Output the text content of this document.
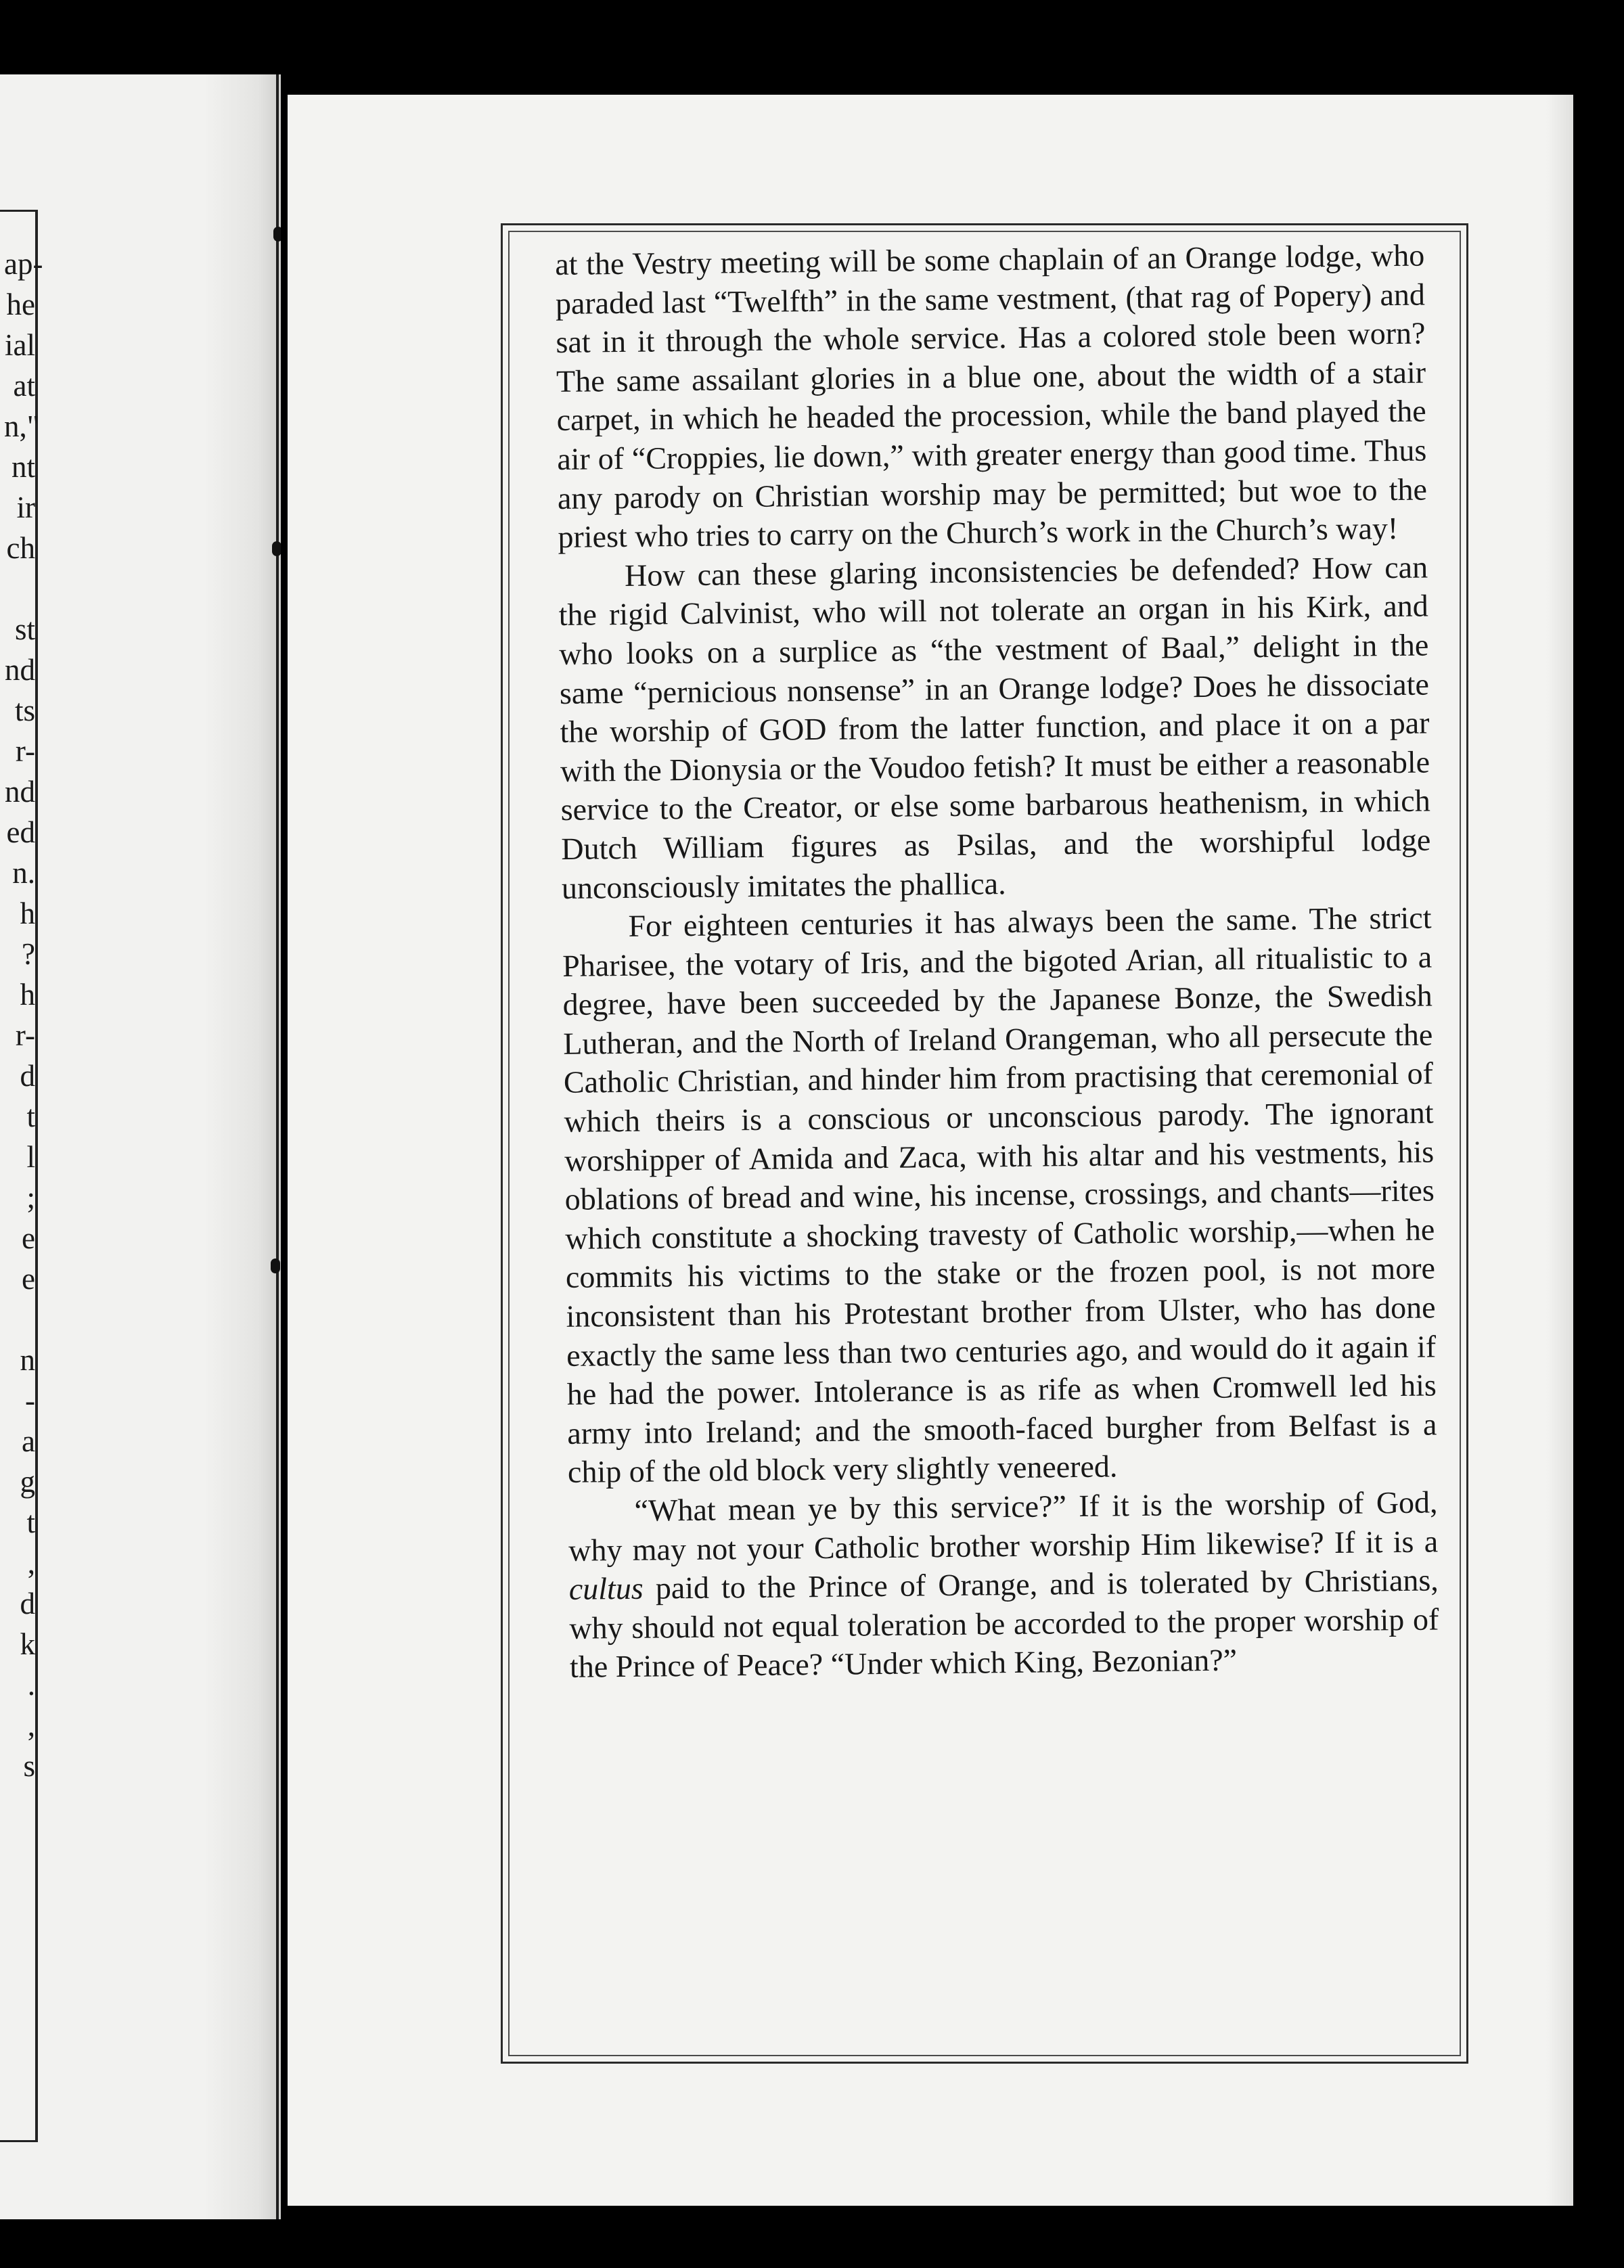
ap-
he
ial
at
n,"
nt
ir
ch
st
nd
ts
r-
nd
ed
n.
h
?
h
r-
d
t
l
;
e
e
n
-
a
g
t
,
d
k
.
,
s

at the Vestry meeting will be some chaplain of an Orange lodge, who paraded last “Twelfth” in the same vestment, (that rag of Popery) and sat in it through the whole service. Has a colored stole been worn? The same assailant glories in a blue one, about the width of a stair carpet, in which he headed the procession, while the band played the air of “Croppies, lie down,” with greater energy than good time. Thus any parody on Christian worship may be permitted; but woe to the priest who tries to carry on the Church’s work in the Church’s way!

How can these glaring inconsistencies be defended? How can the rigid Calvinist, who will not tolerate an organ in his Kirk, and who looks on a surplice as “the vestment of Baal,” delight in the same “pernicious nonsense” in an Orange lodge? Does he dissociate the worship of GOD from the latter function, and place it on a par with the Dionysia or the Voudoo fetish? It must be either a reasonable service to the Creator, or else some barbarous heathenism, in which Dutch William figures as Psilas, and the worshipful lodge unconsciously imitates the phallica.

For eighteen centuries it has always been the same. The strict Pharisee, the votary of Iris, and the bigoted Arian, all ritualistic to a degree, have been succeeded by the Japanese Bonze, the Swedish Lutheran, and the North of Ireland Orangeman, who all persecute the Catholic Christian, and hinder him from practising that ceremonial of which theirs is a conscious or unconscious parody. The ignorant worshipper of Amida and Zaca, with his altar and his vestments, his oblations of bread and wine, his incense, crossings, and chants—rites which constitute a shocking travesty of Catholic worship,—when he commits his victims to the stake or the frozen pool, is not more inconsistent than his Protestant brother from Ulster, who has done exactly the same less than two centuries ago, and would do it again if he had the power. Intolerance is as rife as when Cromwell led his army into Ireland; and the smooth-faced burgher from Belfast is a chip of the old block very slightly veneered.

“What mean ye by this service?” If it is the worship of God, why may not your Catholic brother worship Him likewise? If it is a cultus paid to the Prince of Orange, and is tolerated by Christians, why should not equal toleration be accorded to the proper worship of the Prince of Peace? “Under which King, Bezonian?”
